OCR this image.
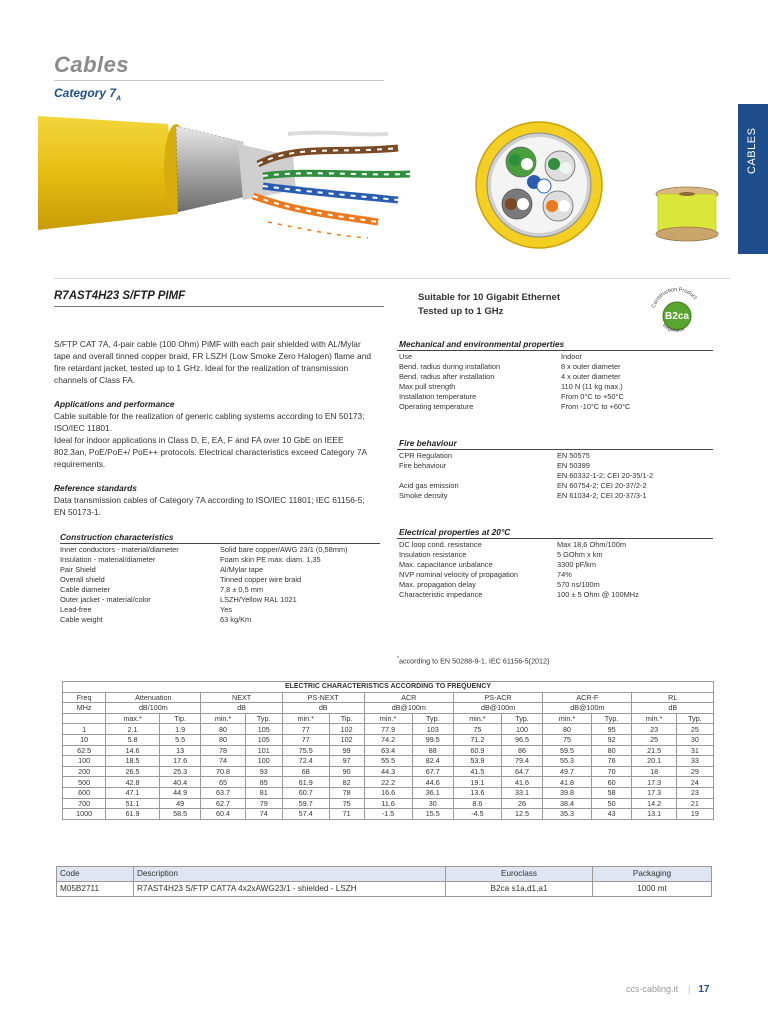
Cables
Category $7_A$
CABLES
R7AST4H23 S/FTP PIMF	Suitable for 10 Gigabit Ethernet
Tested up to 1 GHz	Construction Product
B2ca
Regulation

S/FTP CAT 7A, 4-pair cable (100 Ohm) PiMF with each pair shielded with AL/Mylar tape and overall tinned copper braid, FR LSZH (Low Smoke Zero Halogen) flame and fire retardant jacket, tested up to 1 GHz. Ideal for the realization of transmission channels of Class FA.

Applications and performance

Cable suitable for the realization of generic cabling systems according to EN 50173; ISO/IEC 11801.

Ideal for indoor applications in Class D, E, EA, F and FA over 10 GbE on IEEE 802.3an, PoE/PoE+/ PoE++ protocols. Electrical characteristics exceed Category 7A requirements.

Reference standards

Data transmission cables of Category 7A according to ISO/IEC 11801; IEC 61156-5; EN 50173-1.

Construction characteristics
Inner conductors - material/diameter	Solid bare copper/AWG 23/1 (0,58mm)
Insulation - material/diameter	Foam skin PE max. diam. 1,35
Pair Shield	Al/Mylar tape
Overall shield	Tinned copper wire braid
Cable diameter	7,8 ± 0,5 mm
Outer jacket - material/color	LSZH/Yellow RAL 1021
Lead-free	Yes
Cable weight	63 kg/Km
Mechanical and environmental properties
Use	Indoor
Bend. radius during installation	8 x outer diameter
Bend. radius after installation	4 x outer diameter
Max pull strength	110 N (11 kg max.)
Installation temperature	From 0°C to +50°C
Operating temperature	From -10°C to +60°C
Fire behaviour
CPR Regulation	EN 50575
Fire behaviour	EN 50399
	EN 60332-1-2; CEI 20-35/1-2
Acid gas emission	EN 60754-2; CEI 20-37/2-2
Smoke density	EN 61034-2; CEI 20-37/3-1
Electrical properties at 20°C
DC loop cond. resistance	Max 18,6 Ohm/100m
Insulation resistance	5 GOhm x km
Max. capacitance unbalance	3300 pF/km
NVP nominal velocity of propagation	74%
Max. propagation delay	570 ns/100m
Characteristic impedance	100 ± 5 Ohm @ 100MHz
*according to EN 50288-9-1, IEC 61156-5(2012)
ELECTRIC CHARACTERISTICS ACCORDING TO FREQUENCY														
Freq	Attenuation		NEXT		PS-NEXT		ACR		PS-ACR		ACR-F		RL	
MHz	dB/100m		dB		dB		dB@100m		dB@100m		dB@100m		dB	
	max.*	Tip.	min.*	Typ.	min.*	Tip.	min.*	Typ.	min.*	Typ.	min.*	Typ.	min.*	Typ.
1	2.1	1.9	80	105	77	102	77.9	103	75	100	80	95	23	25
10	5.8	5.5	80	105	77	102	74.2	99.5	71.2	96.5	75	92	25	30
62.5	14.6	13	78	101	75.5	99	63.4	88	60.9	86	59.5	80	21.5	31
100	18.5	17.6	74	100	72.4	97	55.5	82.4	53.9	79.4	55.3	76	20.1	33
200	26.5	25.3	70.8	93	68	90	44.3	67.7	41.5	64.7	49.7	70	18	29
500	42.8	40.4	65	85	61.9	82	22.2	44.6	19.1	41.6	41.8	60	17.3	24
600	47.1	44.9	63.7	81	60.7	78	16.6	36.1	13.6	33.1	39.8	58	17.3	23
700	51.1	49	62.7	79	59.7	75	11.6	30	8.6	26	38.4	50	14.2	21
1000	61.9	58.5	60.4	74	57.4	71	-1.5	15.5	-4.5	12.5	35.3	43	13.1	19
Code	Description	Euroclass	Packaging
M05B2711	R7AST4H23 S/FTP CAT7A 4x2xAWG23/1 - shielded - LSZH	B2ca s1a,d1,a1	1000 mt
ccs-cabling.it | 17
